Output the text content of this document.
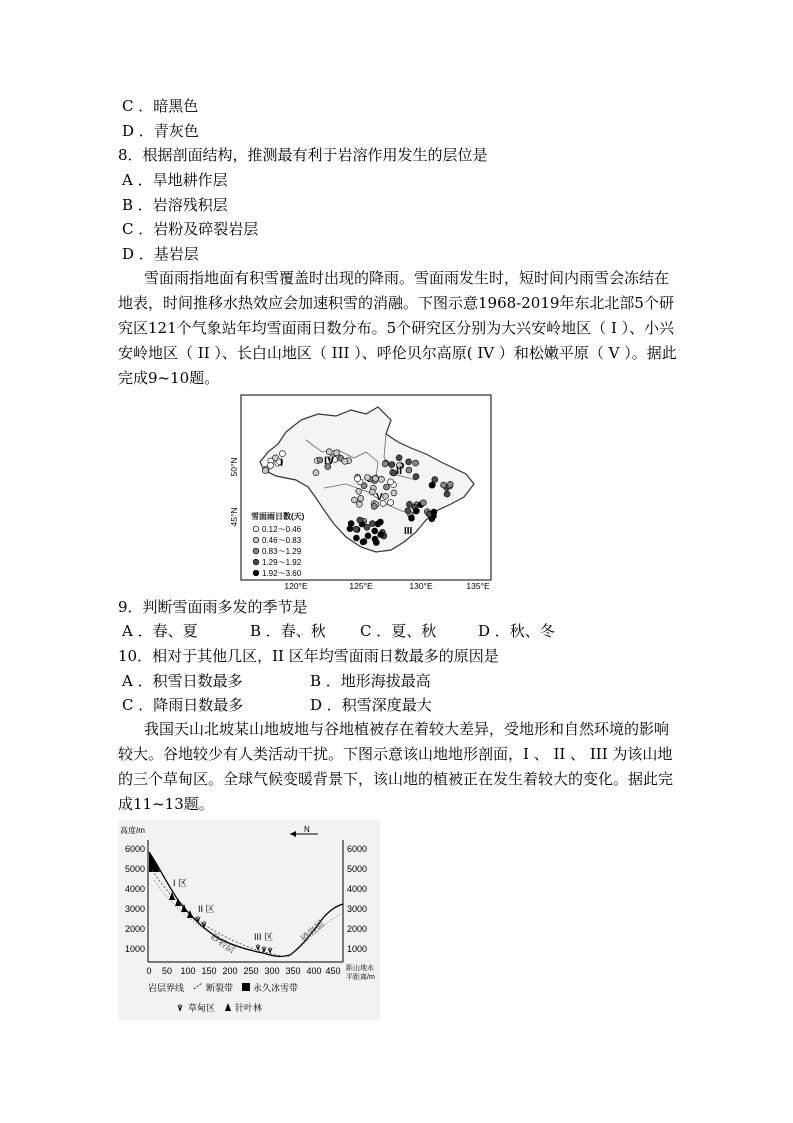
C ．暗黑色
D ．青灰色
8．根据剖面结构，推测最有利于岩溶作用发生的层位是
A ．旱地耕作层
B ．岩溶残积层
C ．岩粉及碎裂岩层
D ．基岩层
雪面雨指地面有积雪覆盖时出现的降雨。雪面雨发生时，短时间内雨雪会冻结在地表，时间推移水热效应会加速积雪的消融。下图示意1968-2019年东北北部5个研究区121个气象站年均雪面雨日数分布。5个研究区分别为大兴安岭地区（ I ）、小兴安岭地区（ II ）、长白山地区（ III ）、呼伦贝尔高原( IV ）和松嫩平原（ V ）。据此完成9~10题。
I	IV
II
III
V
50°N
45°N
120°E	125°E	130°E	135°E
雪面雨日数(天)
0.12～0.46
0.46～0.83
0.83～1.29
1.29～1.92
1.92～3.60
9．判断雪面雨多发的季节是
A ．春、夏	B ．春、秋 C ．夏、秋	D ．秋、冬
10．相对于其他几区，II 区年均雪面雨日数最多的原因是
A ．积雪日数最多	B ．地形海拔最高
C ．降雨日数最多	D ．积雪深度最大
我国天山北坡某山地坡地与谷地植被存在着较大差异，受地形和自然环境的影响较大。谷地较少有人类活动干扰。下图示意该山地地形剖面，I 、 II 、 III 为该山地的三个草甸区。全球气候变暖背景下，该山地的植被正在发生着较大的变化。据此完成11~13题。
高度/m	N
6000
5000
4000
3000
2000
1000
6000
5000
4000
3000
2000
1000
0 50 100 150 200 250 300 350 400 450 距山地水
平距离/m
I 区
II 区
III 区
砂岩层	砂岩层
岩层界线 断裂带 永久冰雪带
草甸区 针叶林
